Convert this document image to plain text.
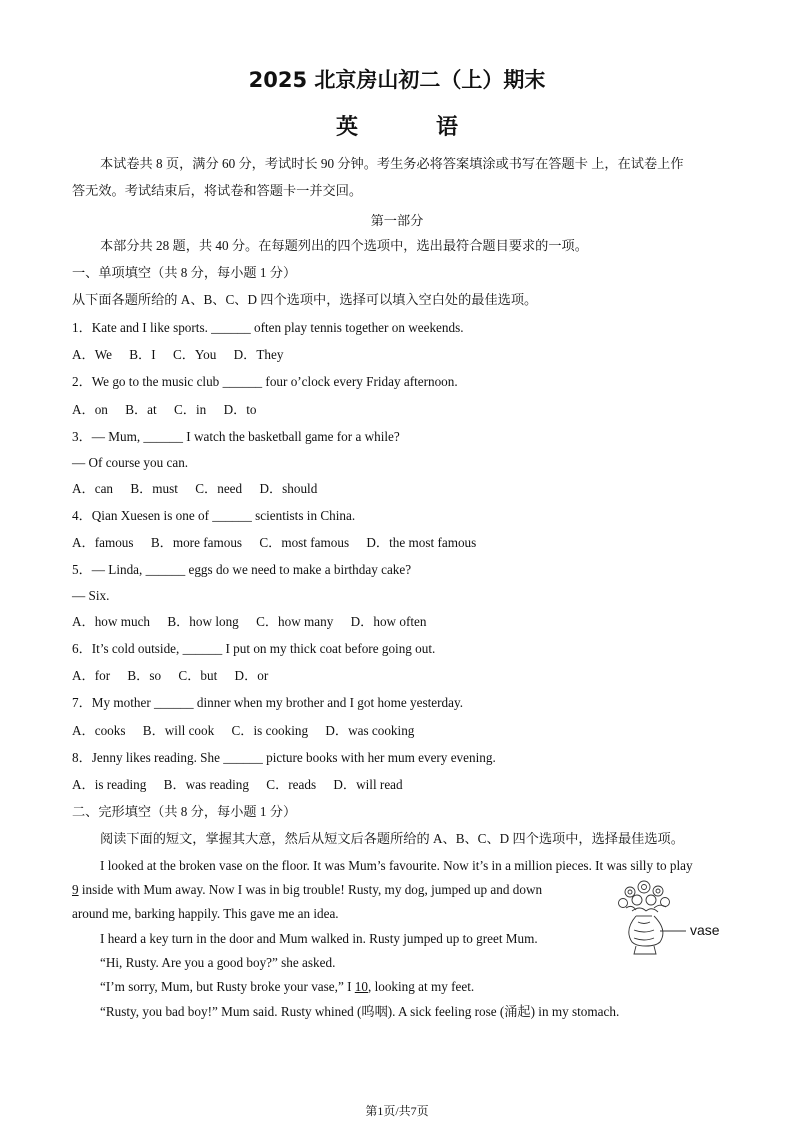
2025 北京房山初二（上）期末
英　语
本试卷共 8 页，满分 60 分，考试时长 90 分钟。考生务必将答案填涂或书写在答题卡 上，在试卷上作
答无效。考试结束后，将试卷和答题卡一并交回。
第一部分
本部分共 28 题，共 40 分。在每题列出的四个选项中，选出最符合题目要求的一项。
一、单项填空（共 8 分，每小题 1 分）
从下面各题所给的 A、B、C、D 四个选项中，选择可以填入空白处的最佳选项。
1．Kate and I like sports. ______ often play tennis together on weekends.
A．We B．I C．You D．They
2．We go to the music club ______ four o’clock every Friday afternoon.
A．on B．at C．in D．to
3．— Mum, ______ I watch the basketball game for a while?
— Of course you can.
A．can B．must C．need D．should
4．Qian Xuesen is one of ______ scientists in China.
A．famous B．more famous C．most famous D．the most famous
5．— Linda, ______ eggs do we need to make a birthday cake?
— Six.
A．how much B．how long C．how many D．how often
6．It’s cold outside, ______ I put on my thick coat before going out.
A．for B．so C．but D．or
7．My mother ______ dinner when my brother and I got home yesterday.
A．cooks B．will cook C．is cooking D．was cooking
8．Jenny likes reading. She ______ picture books with her mum every evening.
A．is reading B．was reading C．reads D．will read
二、完形填空（共 8 分，每小题 1 分）
阅读下面的短文，掌握其大意，然后从短文后各题所给的 A、B、C、D 四个选项中，选择最佳选项。
I looked at the broken vase on the floor. It was Mum’s favourite. Now it’s in a million pieces. It was silly to play
9 inside with Mum away. Now I was in big trouble! Rusty, my dog, jumped up and down
around me, barking happily. This gave me an idea.
I heard a key turn in the door and Mum walked in. Rusty jumped up to greet Mum.
“Hi, Rusty. Are you a good boy?” she asked.
“I’m sorry, Mum, but Rusty broke your vase,” I 10, looking at my feet.
“Rusty, you bad boy!” Mum said. Rusty whined (呜咽). A sick feeling rose (涌起) in my stomach.
vase
第1页/共7页
